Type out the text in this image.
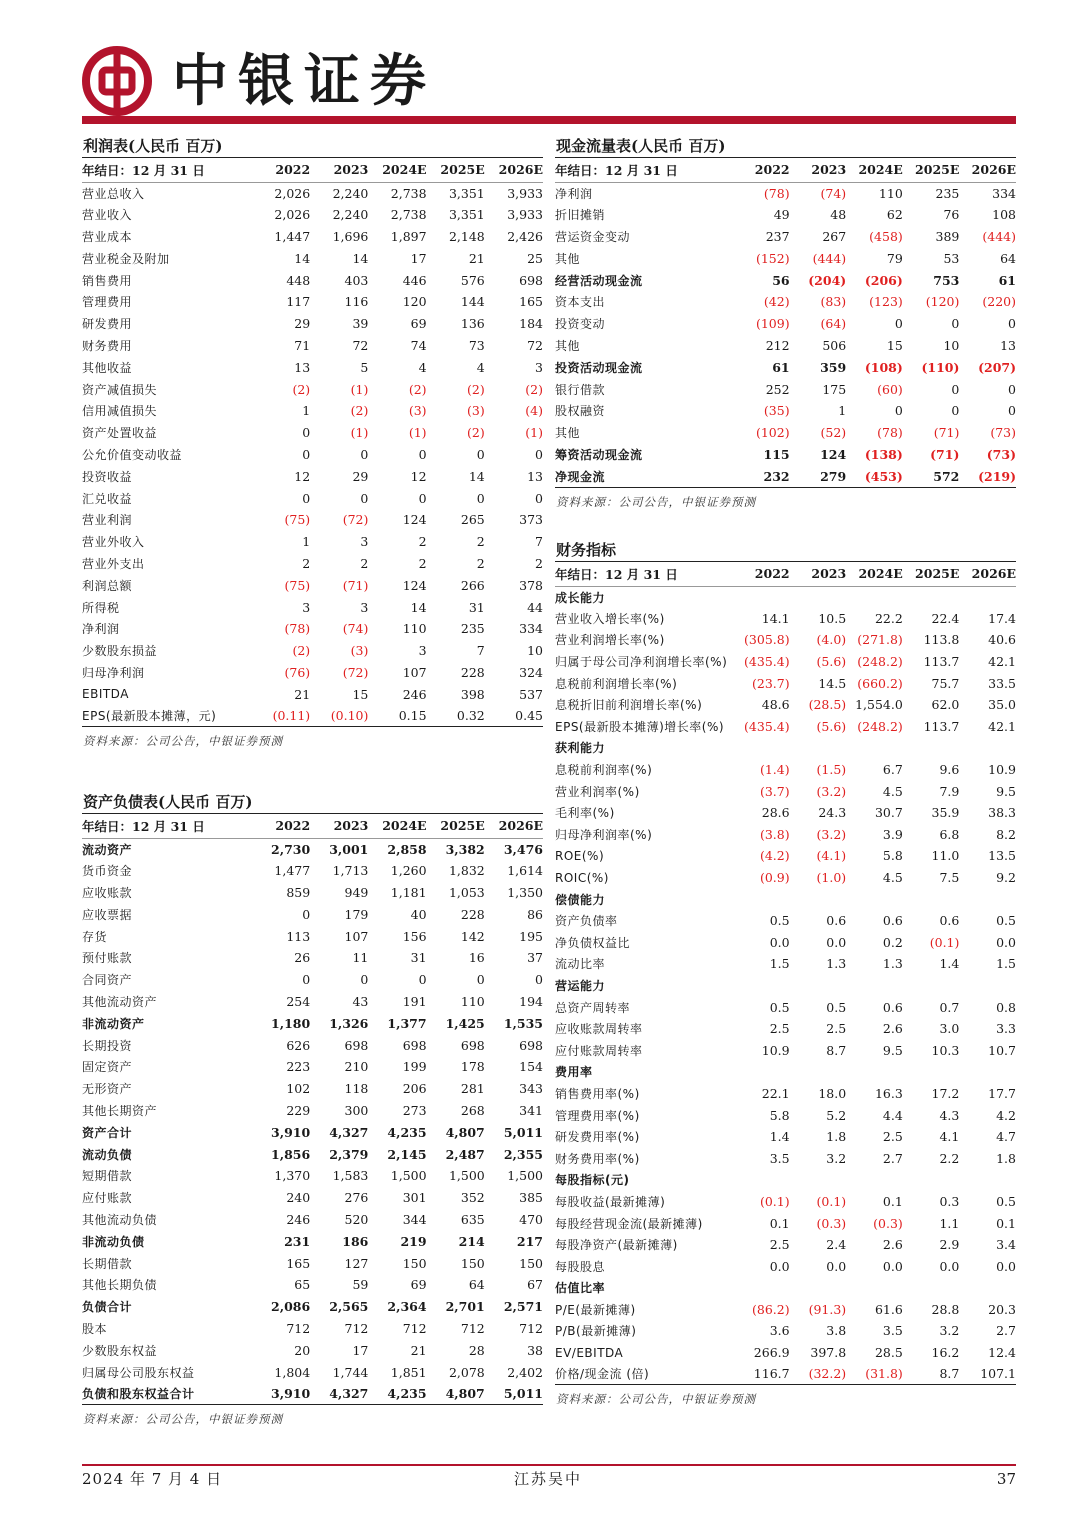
中银证券
利润表(人民币 百万)
年结日：12 月 31 日	2022	2023	2024E	2025E	2026E
营业总收入	2,026	2,240	2,738	3,351	3,933
营业收入	2,026	2,240	2,738	3,351	3,933
营业成本	1,447	1,696	1,897	2,148	2,426
营业税金及附加	14	14	17	21	25
销售费用	448	403	446	576	698
管理费用	117	116	120	144	165
研发费用	29	39	69	136	184
财务费用	71	72	74	73	72
其他收益	13	5	4	4	3
资产减值损失	(2)	(1)	(2)	(2)	(2)
信用减值损失	1	(2)	(3)	(3)	(4)
资产处置收益	0	(1)	(1)	(2)	(1)
公允价值变动收益	0	0	0	0	0
投资收益	12	29	12	14	13
汇兑收益	0	0	0	0	0
营业利润	(75)	(72)	124	265	373
营业外收入	1	3	2	2	7
营业外支出	2	2	2	2	2
利润总额	(75)	(71)	124	266	378
所得税	3	3	14	31	44
净利润	(78)	(74)	110	235	334
少数股东损益	(2)	(3)	3	7	10
归母净利润	(76)	(72)	107	228	324
EBITDA	21	15	246	398	537
EPS(最新股本摊薄，元)	(0.11)	(0.10)	0.15	0.32	0.45
资料来源：公司公告，中银证券预测
资产负债表(人民币 百万)
年结日：12 月 31 日	2022	2023	2024E	2025E	2026E
流动资产	2,730	3,001	2,858	3,382	3,476
货币资金	1,477	1,713	1,260	1,832	1,614
应收账款	859	949	1,181	1,053	1,350
应收票据	0	179	40	228	86
存货	113	107	156	142	195
预付账款	26	11	31	16	37
合同资产	0	0	0	0	0
其他流动资产	254	43	191	110	194
非流动资产	1,180	1,326	1,377	1,425	1,535
长期投资	626	698	698	698	698
固定资产	223	210	199	178	154
无形资产	102	118	206	281	343
其他长期资产	229	300	273	268	341
资产合计	3,910	4,327	4,235	4,807	5,011
流动负债	1,856	2,379	2,145	2,487	2,355
短期借款	1,370	1,583	1,500	1,500	1,500
应付账款	240	276	301	352	385
其他流动负债	246	520	344	635	470
非流动负债	231	186	219	214	217
长期借款	165	127	150	150	150
其他长期负债	65	59	69	64	67
负债合计	2,086	2,565	2,364	2,701	2,571
股本	712	712	712	712	712
少数股东权益	20	17	21	28	38
归属母公司股东权益	1,804	1,744	1,851	2,078	2,402
负债和股东权益合计	3,910	4,327	4,235	4,807	5,011
资料来源：公司公告，中银证券预测
现金流量表(人民币 百万)
年结日：12 月 31 日	2022	2023	2024E	2025E	2026E
净利润	(78)	(74)	110	235	334
折旧摊销	49	48	62	76	108
营运资金变动	237	267	(458)	389	(444)
其他	(152)	(444)	79	53	64
经营活动现金流	56	(204)	(206)	753	61
资本支出	(42)	(83)	(123)	(120)	(220)
投资变动	(109)	(64)	0	0	0
其他	212	506	15	10	13
投资活动现金流	61	359	(108)	(110)	(207)
银行借款	252	175	(60)	0	0
股权融资	(35)	1	0	0	0
其他	(102)	(52)	(78)	(71)	(73)
筹资活动现金流	115	124	(138)	(71)	(73)
净现金流	232	279	(453)	572	(219)
资料来源：公司公告，中银证券预测
财务指标
年结日：12 月 31 日	2022	2023	2024E	2025E	2026E
成长能力					
营业收入增长率(%)	14.1	10.5	22.2	22.4	17.4
营业利润增长率(%)	(305.8)	(4.0)	(271.8)	113.8	40.6
归属于母公司净利润增长率(%)	(435.4)	(5.6)	(248.2)	113.7	42.1
息税前利润增长率(%)	(23.7)	14.5	(660.2)	75.7	33.5
息税折旧前利润增长率(%)	48.6	(28.5)	1,554.0	62.0	35.0
EPS(最新股本摊薄)增长率(%)	(435.4)	(5.6)	(248.2)	113.7	42.1
获利能力					
息税前利润率(%)	(1.4)	(1.5)	6.7	9.6	10.9
营业利润率(%)	(3.7)	(3.2)	4.5	7.9	9.5
毛利率(%)	28.6	24.3	30.7	35.9	38.3
归母净利润率(%)	(3.8)	(3.2)	3.9	6.8	8.2
ROE(%)	(4.2)	(4.1)	5.8	11.0	13.5
ROIC(%)	(0.9)	(1.0)	4.5	7.5	9.2
偿债能力					
资产负债率	0.5	0.6	0.6	0.6	0.5
净负债权益比	0.0	0.0	0.2	(0.1)	0.0
流动比率	1.5	1.3	1.3	1.4	1.5
营运能力					
总资产周转率	0.5	0.5	0.6	0.7	0.8
应收账款周转率	2.5	2.5	2.6	3.0	3.3
应付账款周转率	10.9	8.7	9.5	10.3	10.7
费用率					
销售费用率(%)	22.1	18.0	16.3	17.2	17.7
管理费用率(%)	5.8	5.2	4.4	4.3	4.2
研发费用率(%)	1.4	1.8	2.5	4.1	4.7
财务费用率(%)	3.5	3.2	2.7	2.2	1.8
每股指标(元)					
每股收益(最新摊薄)	(0.1)	(0.1)	0.1	0.3	0.5
每股经营现金流(最新摊薄)	0.1	(0.3)	(0.3)	1.1	0.1
每股净资产(最新摊薄)	2.5	2.4	2.6	2.9	3.4
每股股息	0.0	0.0	0.0	0.0	0.0
估值比率					
P/E(最新摊薄)	(86.2)	(91.3)	61.6	28.8	20.3
P/B(最新摊薄)	3.6	3.8	3.5	3.2	2.7
EV/EBITDA	266.9	397.8	28.5	16.2	12.4
价格/现金流 (倍)	116.7	(32.2)	(31.8)	8.7	107.1
资料来源：公司公告，中银证券预测
2024 年 7 月 4 日	江苏吴中	37
